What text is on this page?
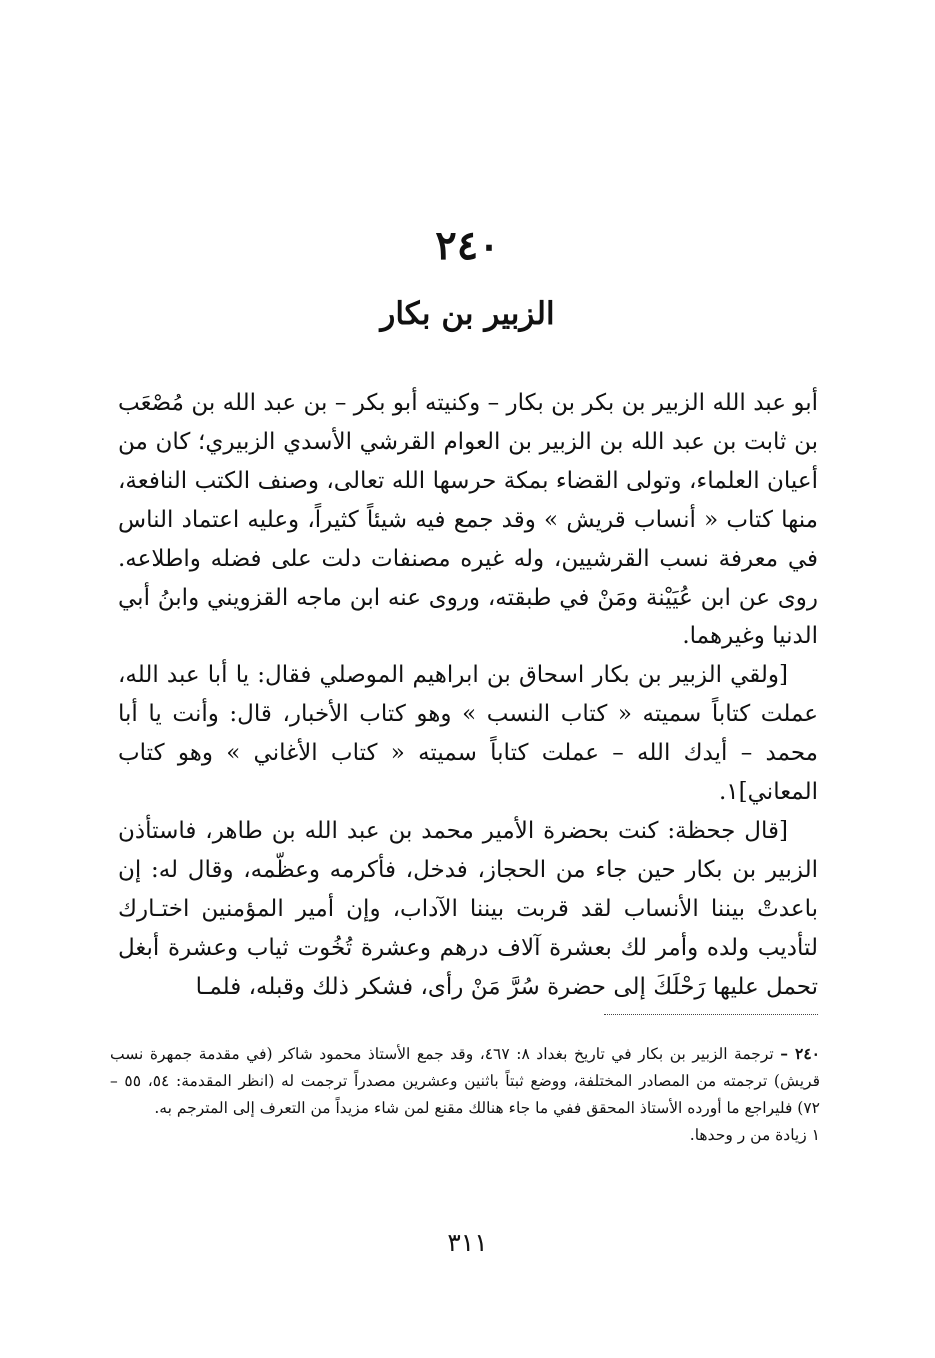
٢٤٠
الزبير بن بكار

أبو عبد الله الزبير بن بكر بن بكار – وكنيته أبو بكر – بن عبد الله بن مُصْعَب بن ثابت بن عبد الله بن الزبير بن العوام القرشي الأسدي الزبيري؛ كان من أعيان العلماء، وتولى القضاء بمكة حرسها الله تعالى، وصنف الكتب النافعة، منها كتاب « أنساب قريش » وقد جمع فيه شيئاً كثيراً، وعليه اعتماد الناس في معرفة نسب القرشيين، وله غيره مصنفات دلت على فضله واطلاعه. روى عن ابن عُيَيْنة ومَنْ في طبقته، وروى عنه ابن ماجه القزويني وابنُ أبي الدنيا وغيرهما.

[ولقي الزبير بن بكار اسحاق بن ابراهيم الموصلي فقال: يا أبا عبد الله، عملت كتاباً سميته « كتاب النسب » وهو كتاب الأخبار، قال: وأنت يا أبا محمد – أيدك الله – عملت كتاباً سميته « كتاب الأغاني » وهو كتاب المعاني]١.

[قال جحظة: كنت بحضرة الأمير محمد بن عبد الله بن طاهر، فاستأذن الزبير بن بكار حين جاء من الحجاز، فدخل، فأكرمه وعظّمه، وقال له: إن باعدتْ بيننا الأنساب لقد قربت بيننا الآداب، وإن أمير المؤمنين اختـارك لتأديب ولده وأمر لك بعشرة آلاف درهم وعشرة تُخُوت ثياب وعشرة أبغل تحمل عليها رَحْلَكَ إلى حضرة سُرَّ مَنْ رأى، فشكر ذلك وقبله، فلمـا

٢٤٠ – ترجمة الزبير بن بكار في تاريخ بغداد ٨: ٤٦٧، وقد جمع الأستاذ محمود شاكر (في مقدمة جمهرة نسب قريش) ترجمته من المصادر المختلفة، ووضع ثبتاً باثنين وعشرين مصدراً ترجمت له (انظر المقدمة: ٥٤، ٥٥ – ٧٢) فليراجع ما أورده الأستاذ المحقق ففي ما جاء هنالك مقنع لمن شاء مزيداً من التعرف إلى المترجم به.

١ زيادة من ر وحدها.

٣١١
